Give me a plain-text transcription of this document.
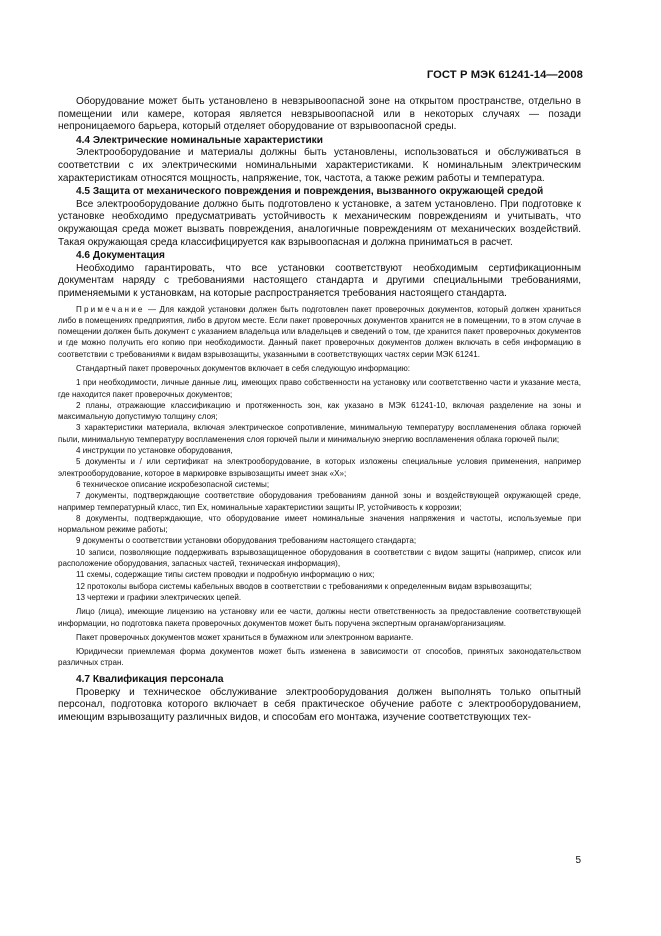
ГОСТ Р МЭК 61241-14—2008

Оборудование может быть установлено в невзрывоопасной зоне на открытом пространстве, отдельно в помещении или камере, которая является невзрывоопасной или в некоторых случаях — позади непроницаемого барьера, который отделяет оборудование от взрывоопасной среды.

4.4 Электрические номинальные характеристики

Электрооборудование и материалы должны быть установлены, использоваться и обслуживаться в соответствии с их электрическими номинальными характеристиками. К номинальным электрическим характеристикам относятся мощность, напряжение, ток, частота, а также режим работы и температура.

4.5 Защита от механического повреждения и повреждения, вызванного окружающей средой

Все электрооборудование должно быть подготовлено к установке, а затем установлено. При подготовке к установке необходимо предусматривать устойчивость к механическим повреждениям и учитывать, что окружающая среда может вызвать повреждения, аналогичные повреждениям от механических воздействий. Такая окружающая среда классифицируется как взрывоопасная и должна приниматься в расчет.

4.6 Документация

Необходимо гарантировать, что все установки соответствуют необходимым сертификационным документам наряду с требованиями настоящего стандарта и другими специальными требованиями, применяемыми к установкам, на которые распространяется требования настоящего стандарта.

Примечание — Для каждой установки должен быть подготовлен пакет проверочных документов, который должен храниться либо в помещениях предприятия, либо в другом месте. Если пакет проверочных документов хранится не в помещении, то в этом случае в помещении должен быть документ с указанием владельца или владельцев и сведений о том, где хранится пакет проверочных документов и где можно получить его копию при необходимости. Данный пакет проверочных документов должен включать в себя информацию в соответствии с требованиями к видам взрывозащиты, указанными в соответствующих частях серии МЭК 61241.

Стандартный пакет проверочных документов включает в себя следующую информацию:

1 при необходимости, личные данные лиц, имеющих право собственности на установку или соответственно части и указание места, где находится пакет проверочных документов;

2 планы, отражающие классификацию и протяженность зон, как указано в МЭК 61241-10, включая разделение на зоны и максимальную допустимую толщину слоя;

3 характеристики материала, включая электрическое сопротивление, минимальную температуру воспламенения облака горючей пыли, минимальную температуру воспламенения слоя горючей пыли и минимальную энергию воспламенения облака горючей пыли;

4 инструкции по установке оборудования,

5 документы и / или сертификат на электрооборудование, в которых изложены специальные условия применения, например электрооборудование, которое в маркировке взрывозащиты имеет знак «X»;

6 техническое описание искробезопасной системы;

7 документы, подтверждающие соответствие оборудования требованиям данной зоны и воздействующей окружающей среде, например температурный класс, тип Ex, номинальные характеристики защиты IP, устойчивость к коррозии;

8 документы, подтверждающие, что оборудование имеет номинальные значения напряжения и частоты, используемые при нормальном режиме работы;

9 документы о соответствии установки оборудования требованиям настоящего стандарта;

10 записи, позволяющие поддерживать взрывозащищенное оборудования в соответствии с видом защиты (например, список или расположение оборудования, запасных частей, техническая информация),

11 схемы, содержащие типы систем проводки и подробную информацию о них;

12 протоколы выбора системы кабельных вводов в соответствии с требованиями к определенным видам взрывозащиты;

13 чертежи и графики электрических цепей.

Лицо (лица), имеющие лицензию на установку или ее части, должны нести ответственность за предоставление соответствующей информации, но подготовка пакета проверочных документов может быть поручена экспертным органам/организациям.

Пакет проверочных документов может храниться в бумажном или электронном варианте.

Юридически приемлемая форма документов может быть изменена в зависимости от способов, принятых законодательством различных стран.

4.7 Квалификация персонала

Проверку и техническое обслуживание электрооборудования должен выполнять только опытный персонал, подготовка которого включает в себя практическое обучение работе с электрооборудованием, имеющим взрывозащиту различных видов, и способам его монтажа, изучение соответствующих тех-

5
